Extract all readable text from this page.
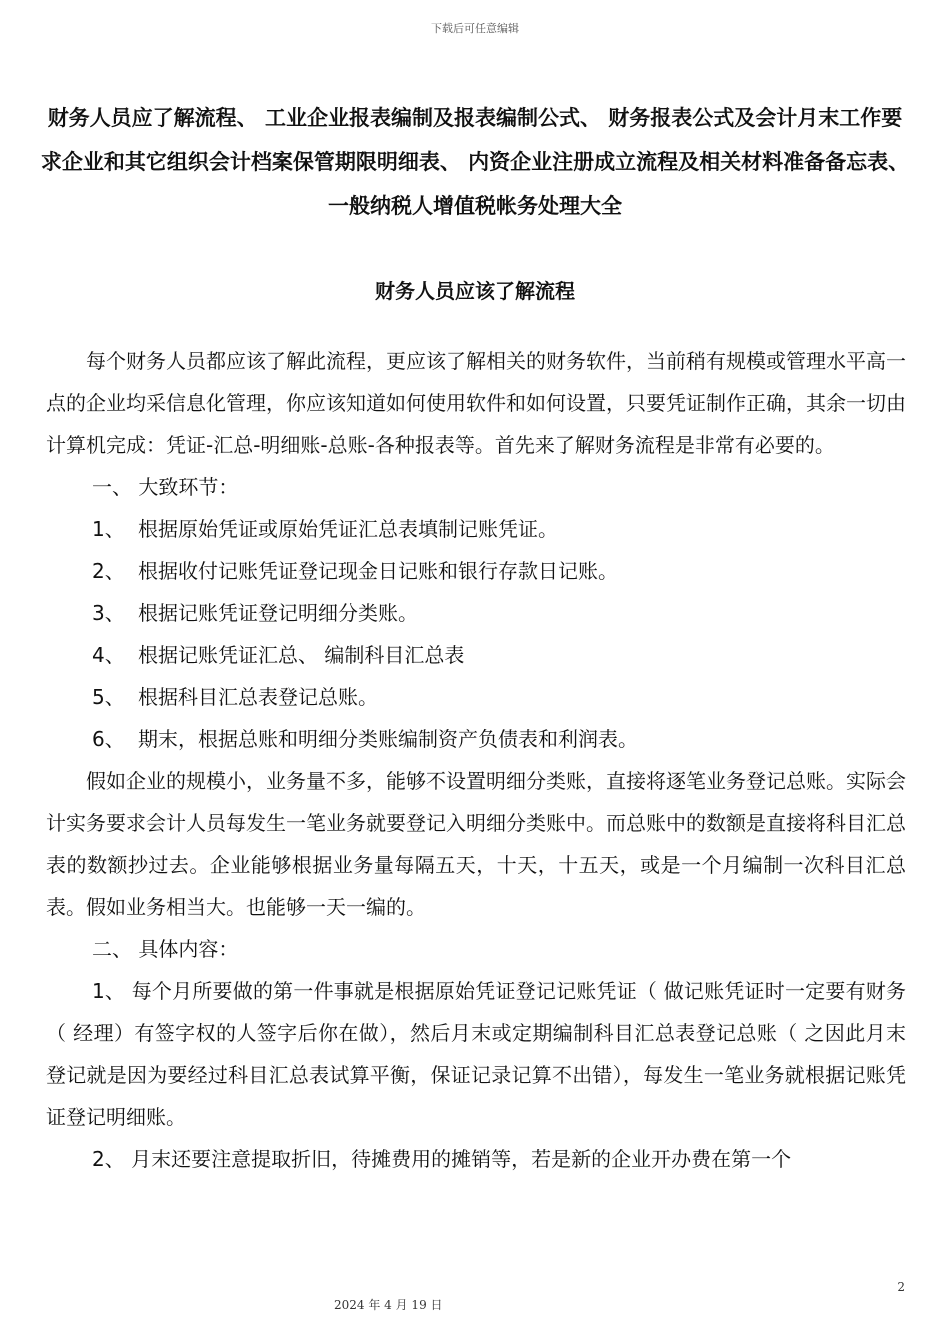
下载后可任意编辑
财务人员应了解流程、 工业企业报表编制及报表编制公式、 财务报表公式及会计月末工作要求企业和其它组织会计档案保管期限明细表、 内资企业注册成立流程及相关材料准备备忘表、 一般纳税人增值税帐务处理大全
财务人员应该了解流程

每个财务人员都应该了解此流程，更应该了解相关的财务软件，当前稍有规模或管理水平高一点的企业均采信息化管理，你应该知道如何使用软件和如何设置，只要凭证制作正确，其余一切由计算机完成：凭证-汇总-明细账-总账-各种报表等。首先来了解财务流程是非常有必要的。

一、 大致环节：

1、 根据原始凭证或原始凭证汇总表填制记账凭证。

2、 根据收付记账凭证登记现金日记账和银行存款日记账。

3、 根据记账凭证登记明细分类账。

4、 根据记账凭证汇总、 编制科目汇总表

5、 根据科目汇总表登记总账。

6、 期末，根据总账和明细分类账编制资产负债表和利润表。

假如企业的规模小，业务量不多，能够不设置明细分类账，直接将逐笔业务登记总账。实际会计实务要求会计人员每发生一笔业务就要登记入明细分类账中。而总账中的数额是直接将科目汇总表的数额抄过去。企业能够根据业务量每隔五天，十天，十五天，或是一个月编制一次科目汇总表。假如业务相当大。也能够一天一编的。

二、 具体内容：

1、 每个月所要做的第一件事就是根据原始凭证登记记账凭证（ 做记账凭证时一定要有财务（ 经理）有签字权的人签字后你在做），然后月末或定期编制科目汇总表登记总账（ 之因此月末登记就是因为要经过科目汇总表试算平衡，保证记录记算不出错），每发生一笔业务就根据记账凭证登记明细账。

2、 月末还要注意提取折旧，待摊费用的摊销等，若是新的企业开办费在第一个

2
2024 年 4 月 19 日
